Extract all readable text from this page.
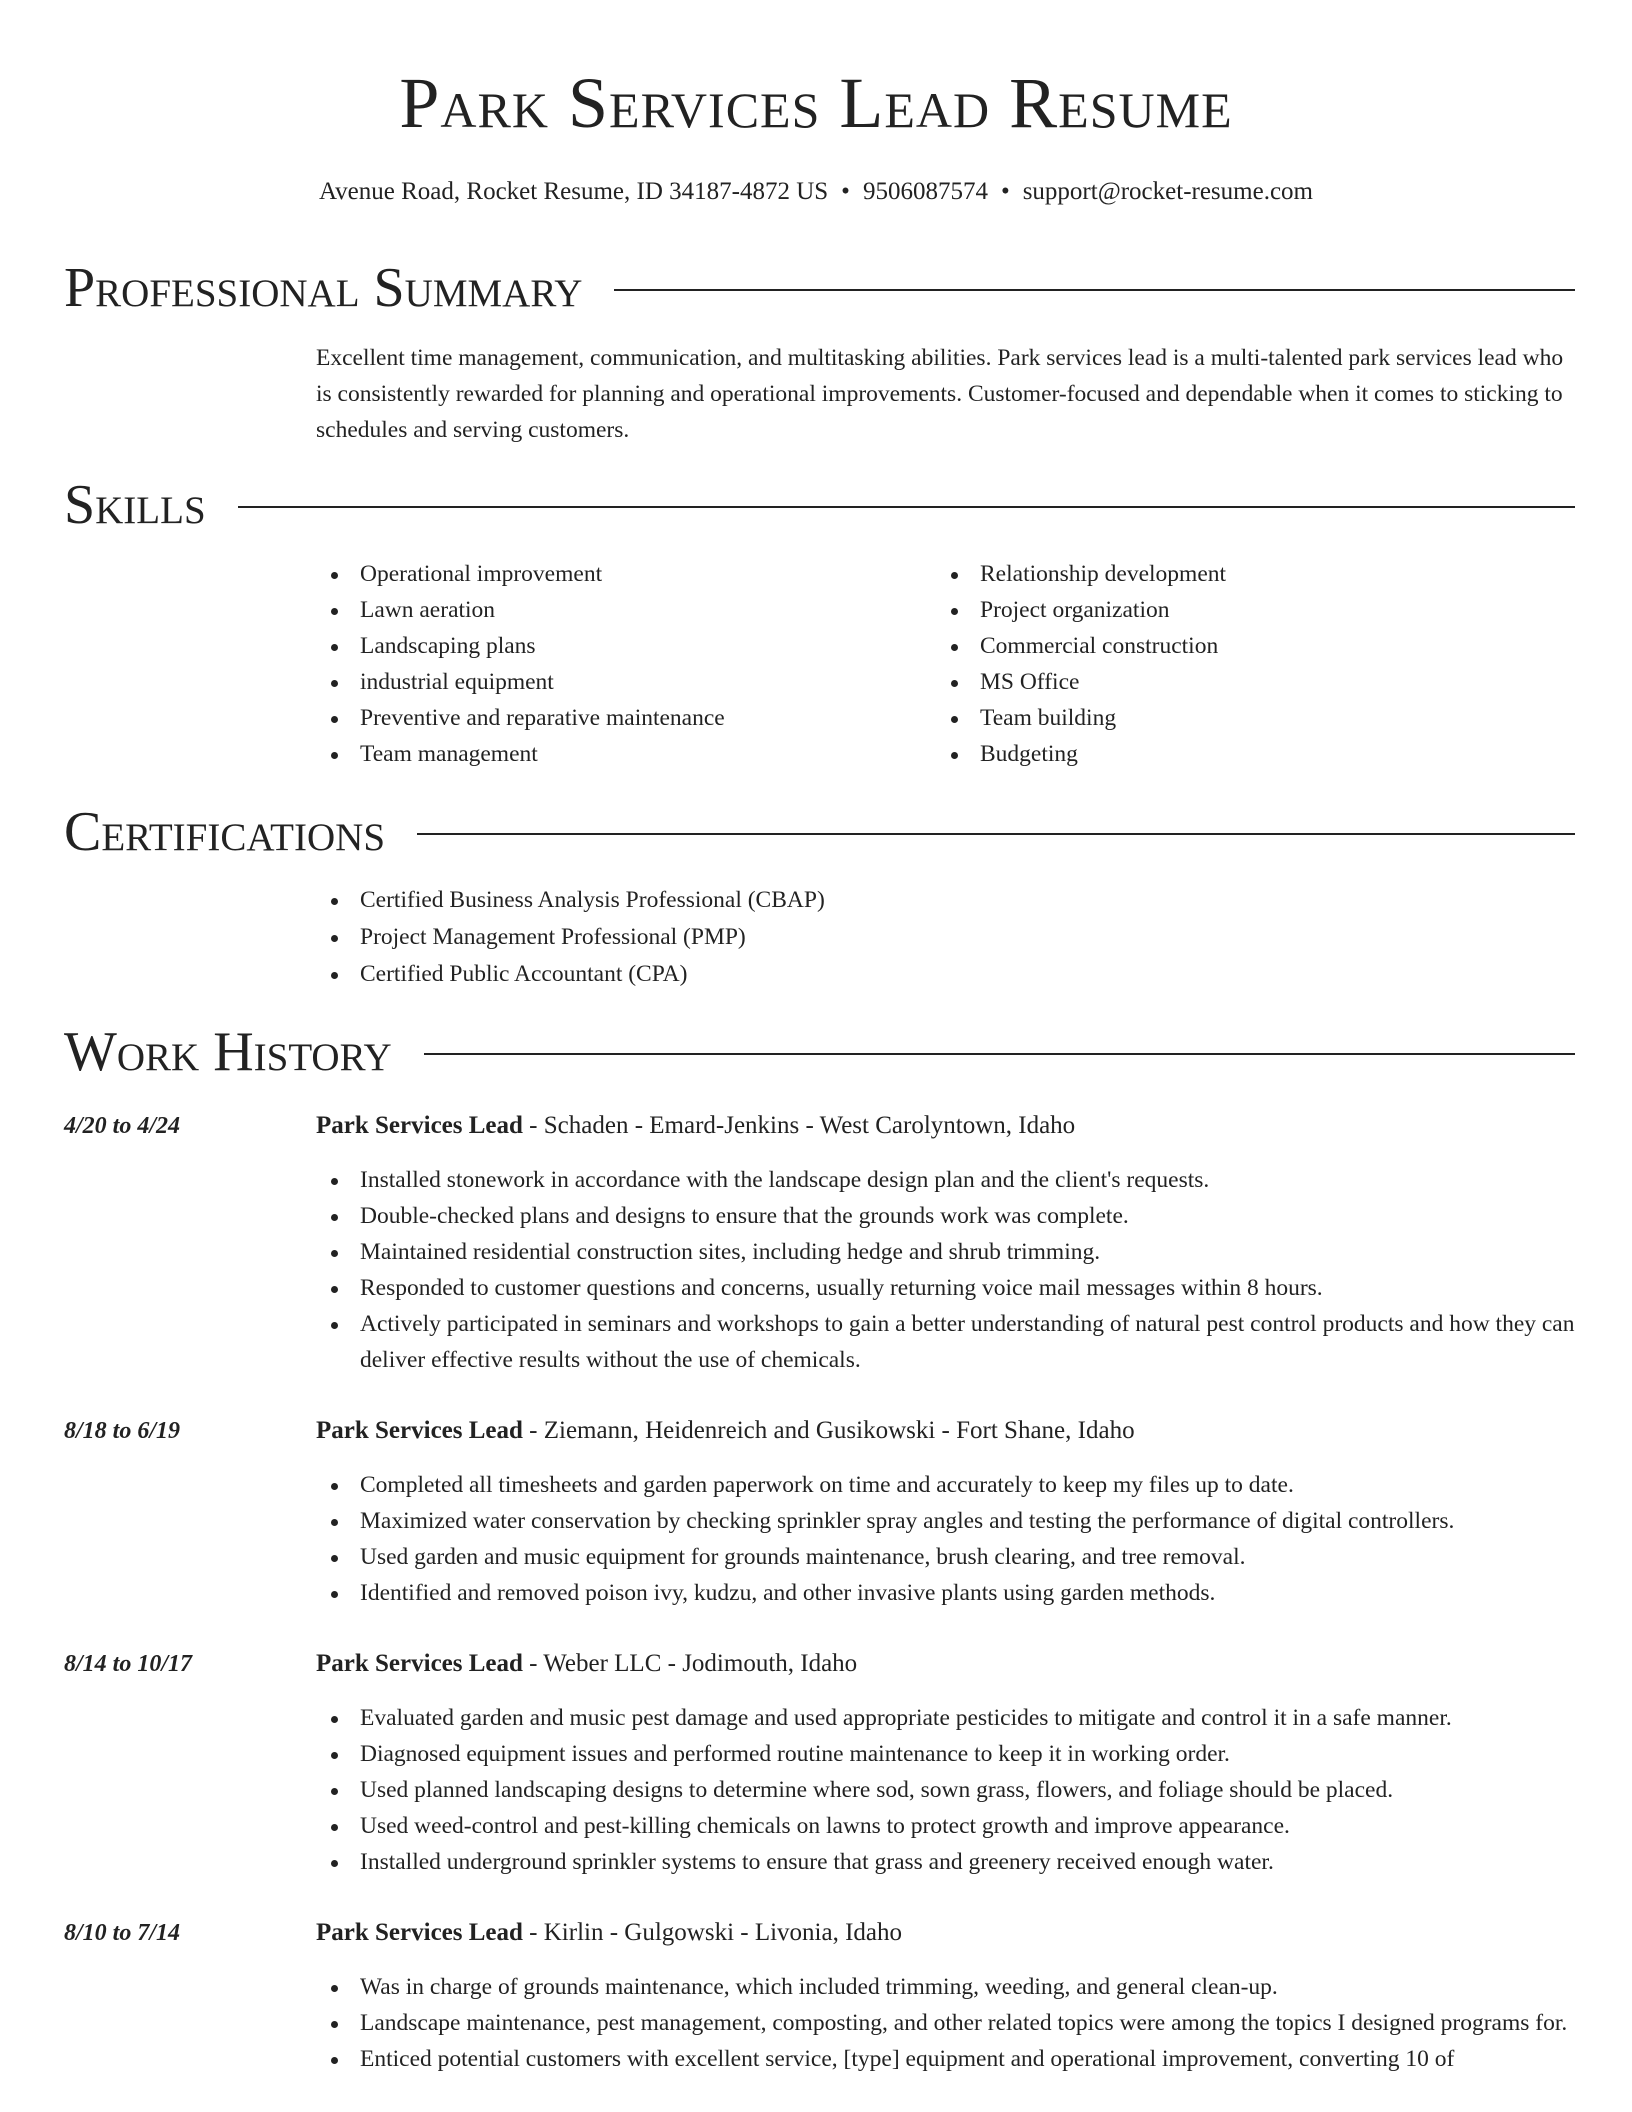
Park Services Lead Resume
Avenue Road, Rocket Resume, ID 34187-4872 US • 9506087574 • support@rocket-resume.com
Professional Summary

Excellent time management, communication, and multitasking abilities. Park services lead is a multi-talented park services lead who is consistently rewarded for planning and operational improvements. Customer-focused and dependable when it comes to sticking to schedules and serving customers.

Skills
Operational improvement
Lawn aeration
Landscaping plans
industrial equipment
Preventive and reparative maintenance
Team management
Relationship development
Project organization
Commercial construction
MS Office
Team building
Budgeting
Certifications
Certified Business Analysis Professional (CBAP)
Project Management Professional (PMP)
Certified Public Accountant (CPA)
Work History
4/20 to 4/24	Park Services Lead - Schaden - Emard-Jenkins - West Carolyntown, Idaho
Installed stonework in accordance with the landscape design plan and the client's requests.
Double-checked plans and designs to ensure that the grounds work was complete.
Maintained residential construction sites, including hedge and shrub trimming.
Responded to customer questions and concerns, usually returning voice mail messages within 8 hours.
Actively participated in seminars and workshops to gain a better understanding of natural pest control products and how they can deliver effective results without the use of chemicals.
8/18 to 6/19	Park Services Lead - Ziemann, Heidenreich and Gusikowski - Fort Shane, Idaho
Completed all timesheets and garden paperwork on time and accurately to keep my files up to date.
Maximized water conservation by checking sprinkler spray angles and testing the performance of digital controllers.
Used garden and music equipment for grounds maintenance, brush clearing, and tree removal.
Identified and removed poison ivy, kudzu, and other invasive plants using garden methods.
8/14 to 10/17	Park Services Lead - Weber LLC - Jodimouth, Idaho
Evaluated garden and music pest damage and used appropriate pesticides to mitigate and control it in a safe manner.
Diagnosed equipment issues and performed routine maintenance to keep it in working order.
Used planned landscaping designs to determine where sod, sown grass, flowers, and foliage should be placed.
Used weed-control and pest-killing chemicals on lawns to protect growth and improve appearance.
Installed underground sprinkler systems to ensure that grass and greenery received enough water.
8/10 to 7/14	Park Services Lead - Kirlin - Gulgowski - Livonia, Idaho
Was in charge of grounds maintenance, which included trimming, weeding, and general clean-up.
Landscape maintenance, pest management, composting, and other related topics were among the topics I designed programs for.
Enticed potential customers with excellent service, [type] equipment and operational improvement, converting 10 of
